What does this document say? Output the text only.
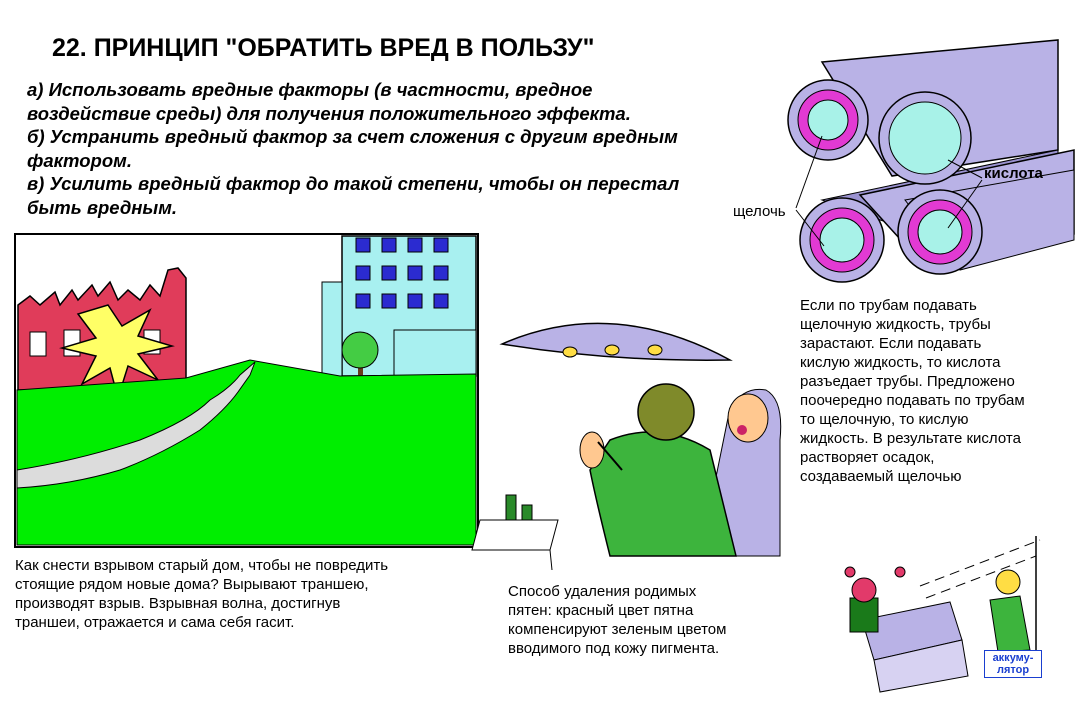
22. ПРИНЦИП "ОБРАТИТЬ ВРЕД В ПОЛЬЗУ"
а) Использовать вредные факторы (в частности, вредное
воздействие среды) для получения положительного эффекта.
б) Устранить вредный фактор за счет сложения с другим вредным
фактором.
в) Усилить вредный фактор до такой степени, чтобы он перестал
быть вредным.
Как снести взрывом старый дом, чтобы не повредить
стоящие рядом новые дома? Вырывают траншею,
производят взрыв. Взрывная волна, достигнув
траншеи, отражается и сама себя гасит.
Способ удаления родимых
пятен: красный цвет пятна
компенсируют зеленым цветом
вводимого под кожу пигмента.
Если по трубам подавать
щелочную жидкость, трубы
зарастают. Если подавать
кислую жидкость, то кислота
разъедает трубы. Предложено
поочередно подавать по трубам
то щелочную, то кислую
жидкость. В результате кислота
растворяет осадок,
создаваемый щелочью
щелочь
кислота
аккуму-
лятор
